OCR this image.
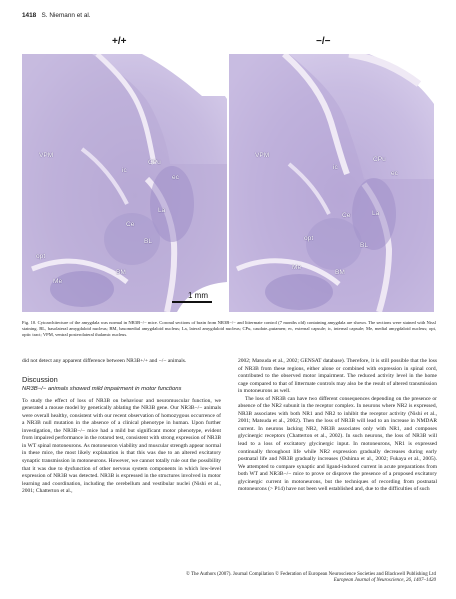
1418 S. Niemann et al.
+/+	−/−
VPM
ic
CPu
ec
La
Ce
BL
opt
BM
Me
1 mm
VPM
ic
CPu
ec
Ce	La
opt
BL
Me
BM
Fig. 10. Cytoarchitecture of the amygdala was normal in NR3B−/− mice. Coronal sections of brain from NR3B−/− and littermate control (7 months old) containing amygdala are shown. The sections were stained with Nissl staining. BL, basolateral amygdaloid nucleus; BM, basomedial amygdaloid nucleus; La, lateral amygdaloid nucleus; CPu, caudate–putamen; ec, external capsule; ic, internal capsule; Me, medial amygdaloid nucleus; opt, optic tract; VPM, ventral posterolateral thalamic nucleus.

did not detect any apparent difference between NR3B+/+ and −/− animals.

Discussion
NR3B−/− animals showed mild impairment in motor functions

To study the effect of loss of NR3B on behaviour and neuromuscular function, we generated a mouse model by genetically ablating the NR3B gene. Our NR3B−/− animals were overall healthy, consistent with our recent observation of homozygous occurrence of a NR3B null mutation in the absence of a clinical phenotype in human. Upon further investigation, the NR3B−/− mice had a mild but significant motor phenotype, evident from impaired performance in the rotarod test, consistent with strong expression of NR3B in WT spinal motoneurons. As motoneuron viability and muscular strength appear normal in these mice, the most likely explanation is that this was due to an altered excitatory synaptic transmission in motoneurons. However, we cannot totally rule out the possibility that it was due to dysfunction of other nervous system components in which low-level expression of NR3B was detected. NR3B is expressed in the structures involved in motor learning and coordination, including the cerebellum and vestibular nuclei (Nishi et al., 2001; Chatterton et al.,

2002; Matsuda et al., 2002; GENSAT database). Therefore, it is still possible that the loss of NR3B from these regions, either alone or combined with expression in spinal cord, contributed to the observed motor impairment. The reduced activity level in the home cage compared to that of littermate controls may also be the result of altered transmission in motoneurons as well.

The loss of NR3B can have two different consequences depending on the presence or absence of the NR2 subunit in the receptor complex. In neurons where NR2 is expressed, NR3B associates with both NR1 and NR2 to inhibit the receptor activity (Nishi et al., 2001; Matsuda et al., 2002). Then the loss of NR3B will lead to an increase in NMDAR current. In neurons lacking NR2, NR3B associates only with NR1, and composes glycinergic receptors (Chatterton et al., 2002). In such neurons, the loss of NR3B will lead to a loss of excitatory glycinergic input. In motoneurons, NR1 is expressed continually throughout life while NR2 expression gradually decreases during early postnatal life and NR3B gradually increases (Oshima et al., 2002; Fukaya et al., 2005). We attempted to compare synaptic and ligand-induced current in acute preparations from both WT and NR3B−/− mice to prove or disprove the presence of a proposed excitatory glycinergic current in motoneurons, but the techniques of recording from postnatal motoneurons (> P14) have not been well established and, due to the difficulties of such

© The Authors (2007). Journal Compilation © Federation of European Neuroscience Societies and Blackwell Publishing Ltd
European Journal of Neuroscience, 26, 1407–1420
